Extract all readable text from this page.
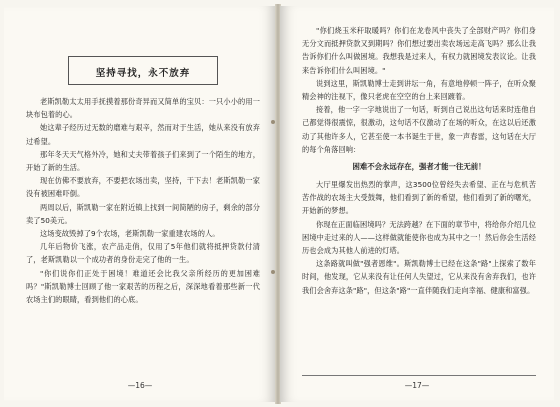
坚持寻找，永不放弃

老斯凯勒太太用手抚摸着那份奇异而又简单的宝贝：一只小小的用一块布包着的心。

她这辈子经历过无数的磨难与艰辛，然而对于生活，她从来没有放弃过希望。

那年冬天天气格外冷，她和丈夫带着孩子们来到了一个陌生的地方，开始了新的生活。

现在仿佛不要放弃，不要把农场出卖，坚持，干下去！老斯凯勒一家没有被困难吓倒。

两周以后，斯凯勒一家在附近镇上找到一间简陋的房子，剩余的部分卖了50美元。

这场变故毁掉了9个农场，老斯凯勒一家重建农场的人。

几年后物价飞涨，农产品走俏，仅用了5年他们就将抵押贷款付清了，老斯凯勒以一个成功者的身份走完了他的一生。

"你们说你们正处于困境！难道还会比我父亲所经历的更加困难吗？"斯凯勒博士回顾了他一家艰苦的历程之后，深深地看着那些新一代农场主们的眼睛，看到他们的心底。

—16—

"你们烧玉米秆取暖吗？你们在龙卷风中丧失了全部财产吗？你们身无分文而抵押贷款又到期吗？你们想过要出卖农场远走高飞吗？那么让我告诉你们什么叫做困境。我想我是过来人，有权力就困境发表议论。让我来告诉你们什么叫困境。"

说到这里，斯凯勒博士走到讲坛一角，有意地停顿一阵子，在听众聚精会神的注视下，像只老虎在空空的台上来回踱着。

接着，他一字一字地说出了一句话，听到自己说出这句话来时连他自己都觉得很震惊，很激动，这句话不仅激动了在场的听众，在这以后还激动了其他许多人，它甚至使一本书诞生于世，象一声春雷，这句话在大厅的每个角落回响：

困难不会永远存在，强者才能一往无前！

大厅里爆发出热烈的掌声，这3500位曾经失去希望、正在与危机苦苦作战的农场主大受鼓舞，他们看到了新的希望，他们看到了新的曙光，开始新的梦想。

你现在正面临困境吗？无法跨越？在下面的章节中，将给你介绍几位困境中走过来的人——这样做就能使你也成为其中之一！然后你会生活经历也会成为其他人前进的灯塔。

这条路就叫做"强者恩维"。斯凯勒博士已经在这条"路"上探索了数年时间，他发现，它从来没有让任何人失望过，它从来没有舍弃我们，也许我们会舍弃这条"路"，但这条"路"一直伴随我们走向幸福、健康和富强。

—17—
